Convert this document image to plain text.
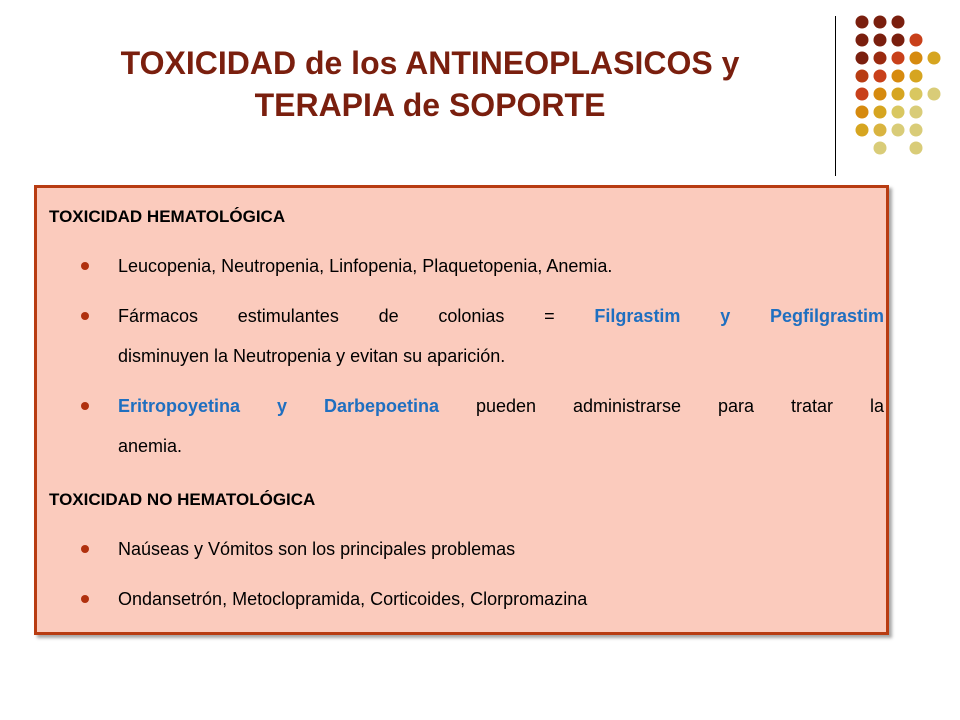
TOXICIDAD de los ANTINEOPLASICOS y
TERAPIA de SOPORTE

TOXICIDAD HEMATOLÓGICA

Leucopenia, Neutropenia, Linfopenia, Plaquetopenia, Anemia.
Fármacos estimulantes de colonias = Filgrastim y Pegfilgrastim
disminuyen la Neutropenia y evitan su aparición.
Eritropoyetina y Darbepoetina pueden administrarse para tratar la
anemia.

TOXICIDAD NO HEMATOLÓGICA

Naúseas y Vómitos son los principales problemas
Ondansetrón, Metoclopramida, Corticoides, Clorpromazina
